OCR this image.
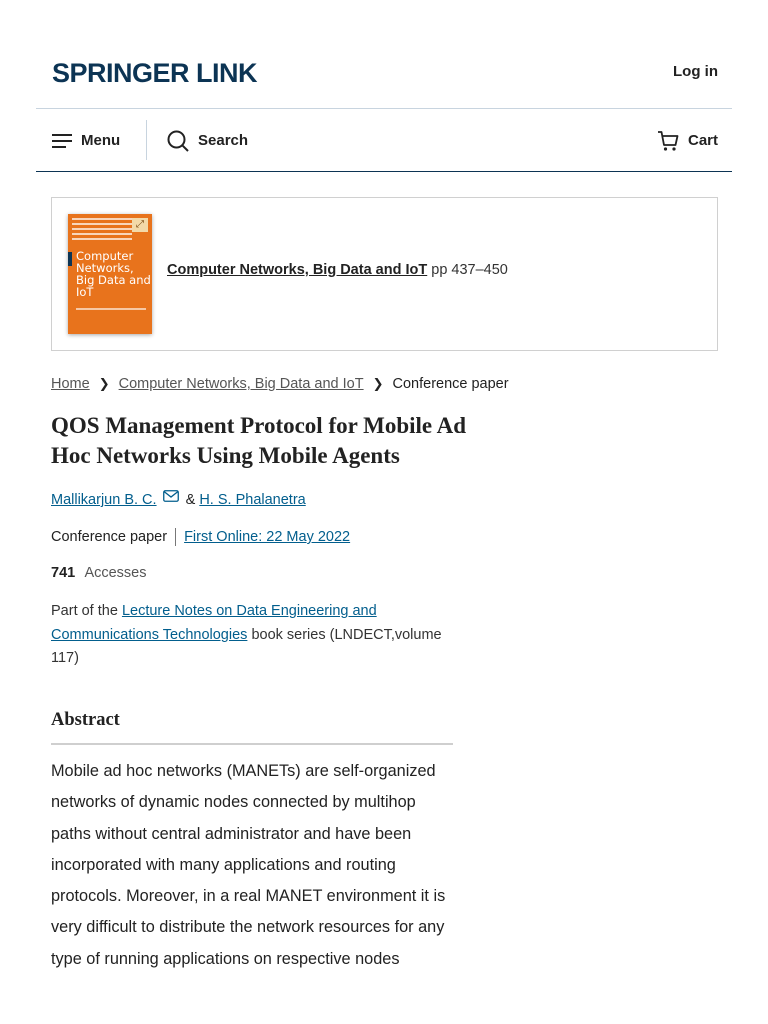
SPRINGER LINK	Log in
Menu	Search	Cart
⤢
Computer Networks, Big Data and IoT
Computer Networks, Big Data and IoT pp 437–450
Home ❯ Computer Networks, Big Data and IoT ❯ Conference paper
QOS Management Protocol for Mobile Ad Hoc Networks Using Mobile Agents
Mallikarjun B. C. & H. S. Phalanetra
Conference paper First Online: 22 May 2022
741 Accesses
Part of the Lecture Notes on Data Engineering and Communications Technologies book series (LNDECT,volume 117)
Abstract

Mobile ad hoc networks (MANETs) are self-organized networks of dynamic nodes connected by multihop paths without central administrator and have been incorporated with many applications and routing protocols. Moreover, in a real MANET environment it is very difficult to distribute the network resources for any type of running applications on respective nodes
